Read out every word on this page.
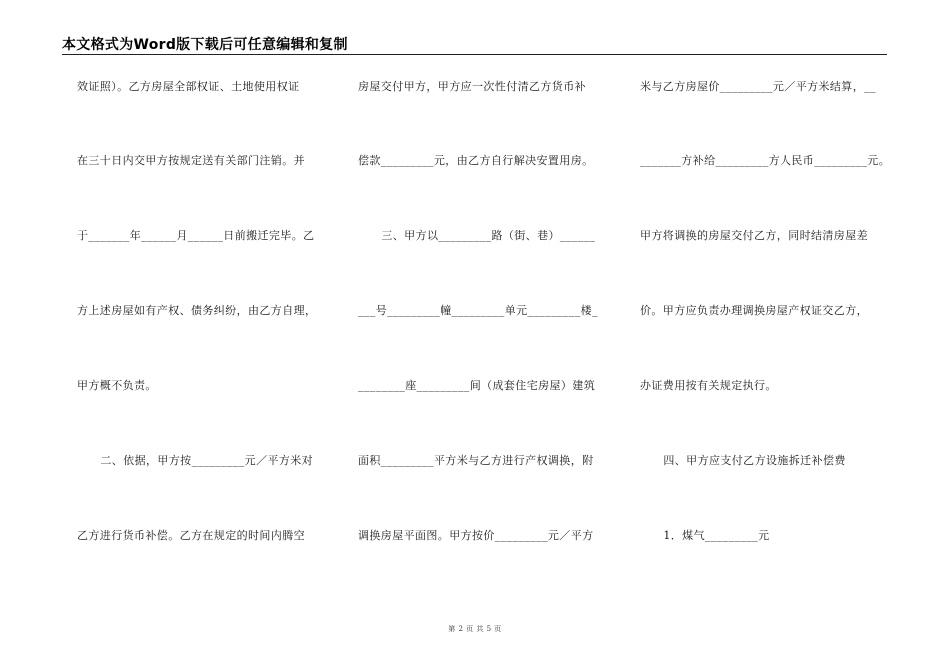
本文格式为Word版下载后可任意编辑和复制
效证照）。乙方房屋全部权证、土地使用权证
在三十日内交甲方按规定送有关部门注销。并
于_______年______月______日前搬迁完毕。乙
方上述房屋如有产权、债务纠纷，由乙方自理，
甲方概不负责。
二、依据，甲方按_________元／平方米对
乙方进行货币补偿。乙方在规定的时间内腾空
房屋交付甲方，甲方应一次性付清乙方货币补
偿款_________元，由乙方自行解决安置用房。
三、甲方以_________路（街、巷）______
___号_________幢_________单元_________楼_
________座_________间（成套住宅房屋）建筑
面积_________平方米与乙方进行产权调换，附
调换房屋平面图。甲方按价_________元／平方
米与乙方房屋价_________元／平方米结算，__
_______方补给_________方人民币_________元。
甲方将调换的房屋交付乙方，同时结清房屋差
价。甲方应负责办理调换房屋产权证交乙方，
办证费用按有关规定执行。
四、甲方应支付乙方设施拆迁补偿费
1．煤气_________元
第 2 页 共 5 页
